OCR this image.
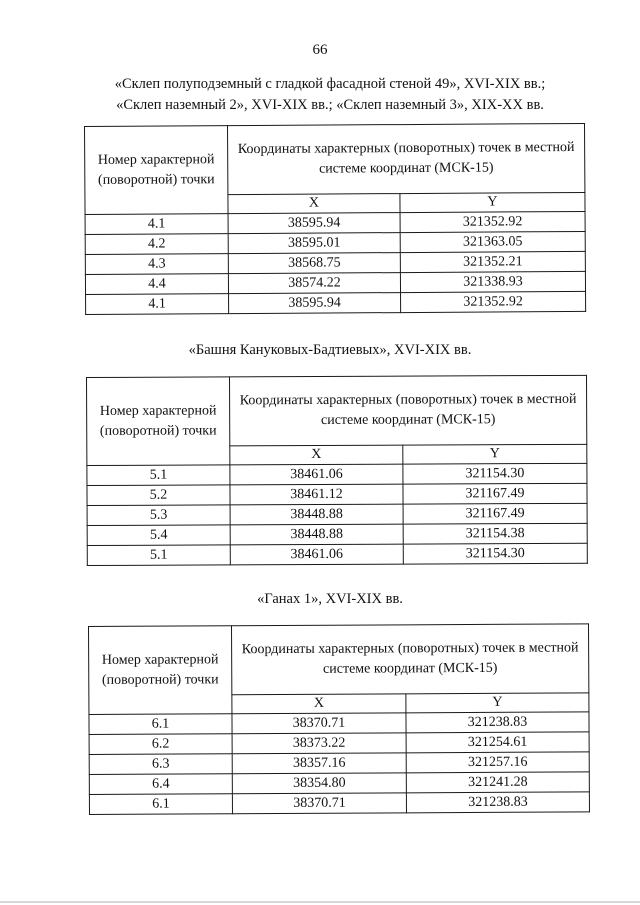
66
«Склеп полуподземный с гладкой фасадной стеной 49», XVI-XIX вв.;
«Склеп наземный 2», XVI-XIX вв.; «Склеп наземный 3», XIX-XX вв.
Номер характерной (поворотной) точки	Координаты характерных (поворотных) точек в местной системе координат (МСК-15)	
	X	Y
4.1	38595.94	321352.92
4.2	38595.01	321363.05
4.3	38568.75	321352.21
4.4	38574.22	321338.93
4.1	38595.94	321352.92
«Башня Кануковых-Бадтиевых», XVI-XIX вв.
Номер характерной (поворотной) точки	Координаты характерных (поворотных) точек в местной системе координат (МСК-15)	
	X	Y
5.1	38461.06	321154.30
5.2	38461.12	321167.49
5.3	38448.88	321167.49
5.4	38448.88	321154.38
5.1	38461.06	321154.30
«Ганах 1», XVI-XIX вв.
Номер характерной (поворотной) точки	Координаты характерных (поворотных) точек в местной системе координат (МСК-15)	
	X	Y
6.1	38370.71	321238.83
6.2	38373.22	321254.61
6.3	38357.16	321257.16
6.4	38354.80	321241.28
6.1	38370.71	321238.83
